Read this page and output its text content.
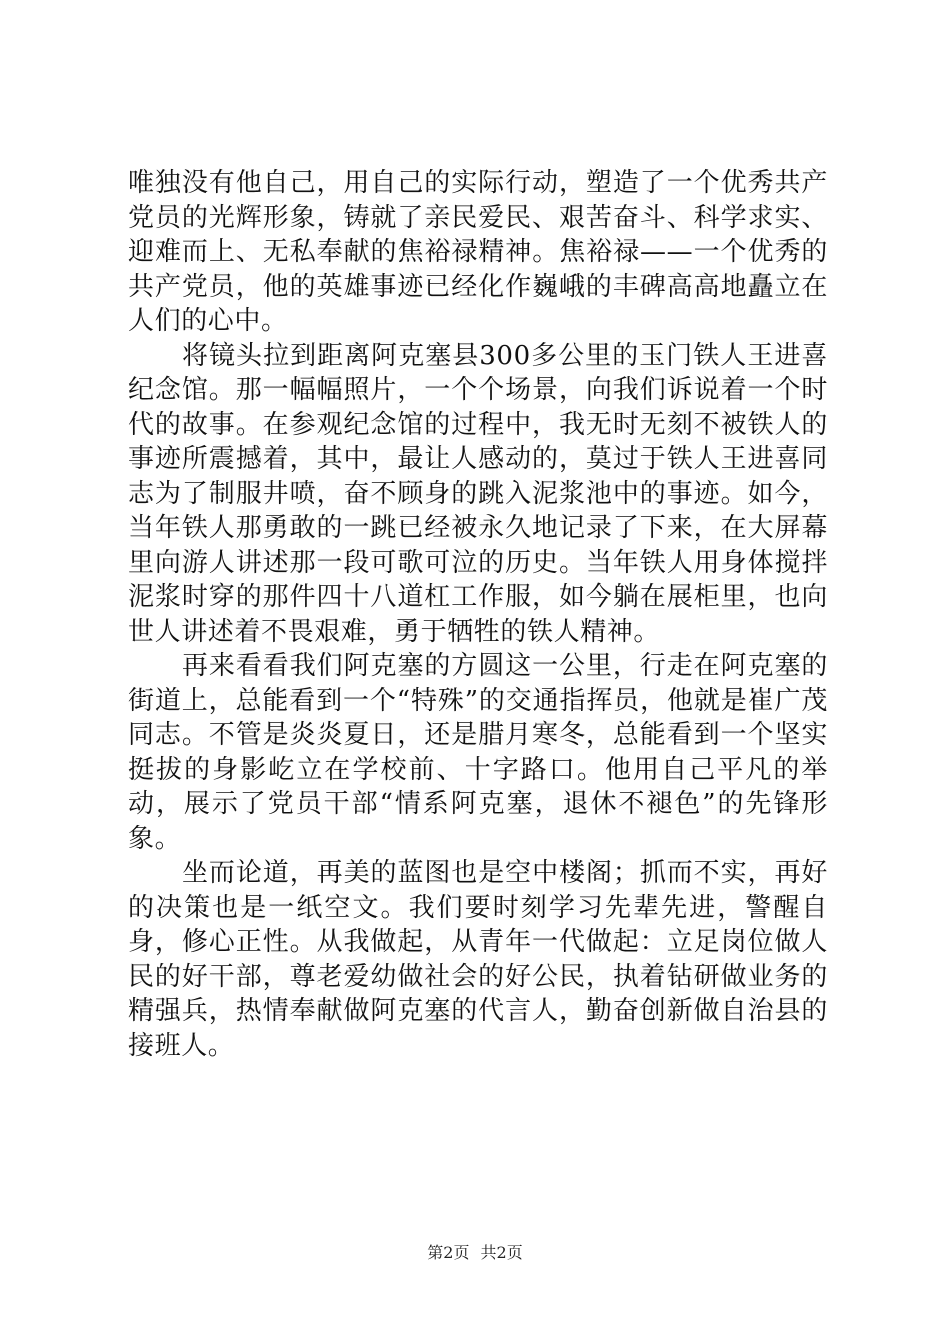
唯独没有他自己，用自己的实际行动，塑造了一个优秀共产党员的光辉形象，铸就了亲民爱民、艰苦奋斗、科学求实、迎难而上、无私奉献的焦裕禄精神。焦裕禄——一个优秀的共产党员，他的英雄事迹已经化作巍峨的丰碑高高地矗立在人们的心中。

将镜头拉到距离阿克塞县300多公里的玉门铁人王进喜纪念馆。那一幅幅照片，一个个场景，向我们诉说着一个时代的故事。在参观纪念馆的过程中，我无时无刻不被铁人的事迹所震撼着，其中，最让人感动的，莫过于铁人王进喜同志为了制服井喷，奋不顾身的跳入泥浆池中的事迹。如今，当年铁人那勇敢的一跳已经被永久地记录了下来，在大屏幕里向游人讲述那一段可歌可泣的历史。当年铁人用身体搅拌泥浆时穿的那件四十八道杠工作服，如今躺在展柜里，也向世人讲述着不畏艰难，勇于牺牲的铁人精神。

再来看看我们阿克塞的方圆这一公里，行走在阿克塞的街道上，总能看到一个“特殊”的交通指挥员，他就是崔广茂同志。不管是炎炎夏日，还是腊月寒冬，总能看到一个坚实挺拔的身影屹立在学校前、十字路口。他用自己平凡的举动，展示了党员干部“情系阿克塞，退休不褪色”的先锋形象。

坐而论道，再美的蓝图也是空中楼阁；抓而不实，再好的决策也是一纸空文。我们要时刻学习先辈先进，警醒自身，修心正性。从我做起，从青年一代做起：立足岗位做人民的好干部，尊老爱幼做社会的好公民，执着钻研做业务的精强兵，热情奉献做阿克塞的代言人，勤奋创新做自治县的接班人。

第2页 共2页
